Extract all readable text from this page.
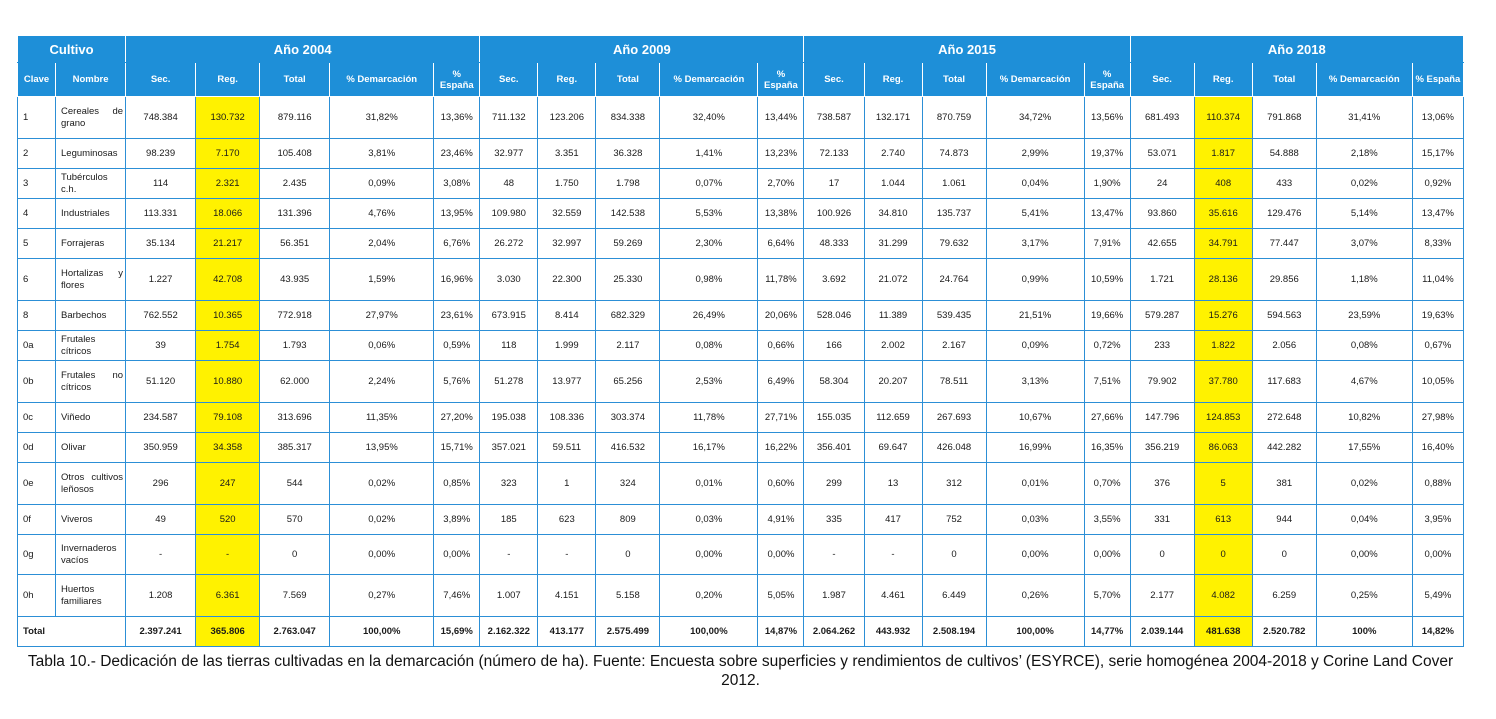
Cultivo		Año 2004					Año 2009					Año 2015					Año 2018				
Clave	Nombre	Sec.	Reg.	Total	% Demarcación	% España	Sec.	Reg.	Total	% Demarcación	% España	Sec.	Reg.	Total	% Demarcación	% España	Sec.	Reg.	Total	% Demarcación	% España
1	Cereales de grano	748.384	130.732	879.116	31,82%	13,36%	711.132	123.206	834.338	32,40%	13,44%	738.587	132.171	870.759	34,72%	13,56%	681.493	110.374	791.868	31,41%	13,06%
2	Leguminosas	98.239	7.170	105.408	3,81%	23,46%	32.977	3.351	36.328	1,41%	13,23%	72.133	2.740	74.873	2,99%	19,37%	53.071	1.817	54.888	2,18%	15,17%
3	Tubérculos c.h.	114	2.321	2.435	0,09%	3,08%	48	1.750	1.798	0,07%	2,70%	17	1.044	1.061	0,04%	1,90%	24	408	433	0,02%	0,92%
4	Industriales	113.331	18.066	131.396	4,76%	13,95%	109.980	32.559	142.538	5,53%	13,38%	100.926	34.810	135.737	5,41%	13,47%	93.860	35.616	129.476	5,14%	13,47%
5	Forrajeras	35.134	21.217	56.351	2,04%	6,76%	26.272	32.997	59.269	2,30%	6,64%	48.333	31.299	79.632	3,17%	7,91%	42.655	34.791	77.447	3,07%	8,33%
6	Hortalizas y flores	1.227	42.708	43.935	1,59%	16,96%	3.030	22.300	25.330	0,98%	11,78%	3.692	21.072	24.764	0,99%	10,59%	1.721	28.136	29.856	1,18%	11,04%
8	Barbechos	762.552	10.365	772.918	27,97%	23,61%	673.915	8.414	682.329	26,49%	20,06%	528.046	11.389	539.435	21,51%	19,66%	579.287	15.276	594.563	23,59%	19,63%
0a	Frutales cítricos	39	1.754	1.793	0,06%	0,59%	118	1.999	2.117	0,08%	0,66%	166	2.002	2.167	0,09%	0,72%	233	1.822	2.056	0,08%	0,67%
0b	Frutales no cítricos	51.120	10.880	62.000	2,24%	5,76%	51.278	13.977	65.256	2,53%	6,49%	58.304	20.207	78.511	3,13%	7,51%	79.902	37.780	117.683	4,67%	10,05%
0c	Viñedo	234.587	79.108	313.696	11,35%	27,20%	195.038	108.336	303.374	11,78%	27,71%	155.035	112.659	267.693	10,67%	27,66%	147.796	124.853	272.648	10,82%	27,98%
0d	Olivar	350.959	34.358	385.317	13,95%	15,71%	357.021	59.511	416.532	16,17%	16,22%	356.401	69.647	426.048	16,99%	16,35%	356.219	86.063	442.282	17,55%	16,40%
0e	Otros cultivos leñosos	296	247	544	0,02%	0,85%	323	1	324	0,01%	0,60%	299	13	312	0,01%	0,70%	376	5	381	0,02%	0,88%
0f	Viveros	49	520	570	0,02%	3,89%	185	623	809	0,03%	4,91%	335	417	752	0,03%	3,55%	331	613	944	0,04%	3,95%
0g	Invernaderos vacíos	-	-	0	0,00%	0,00%	-	-	0	0,00%	0,00%	-	-	0	0,00%	0,00%	0	0	0	0,00%	0,00%
0h	Huertos familiares	1.208	6.361	7.569	0,27%	7,46%	1.007	4.151	5.158	0,20%	5,05%	1.987	4.461	6.449	0,26%	5,70%	2.177	4.082	6.259	0,25%	5,49%
Total		2.397.241	365.806	2.763.047	100,00%	15,69%	2.162.322	413.177	2.575.499	100,00%	14,87%	2.064.262	443.932	2.508.194	100,00%	14,77%	2.039.144	481.638	2.520.782	100%	14,82%
Tabla 10.- Dedicación de las tierras cultivadas en la demarcación (número de ha). Fuente: Encuesta sobre superficies y rendimientos de cultivos’ (ESYRCE), serie homogénea 2004-2018 y Corine Land Cover 2012.
